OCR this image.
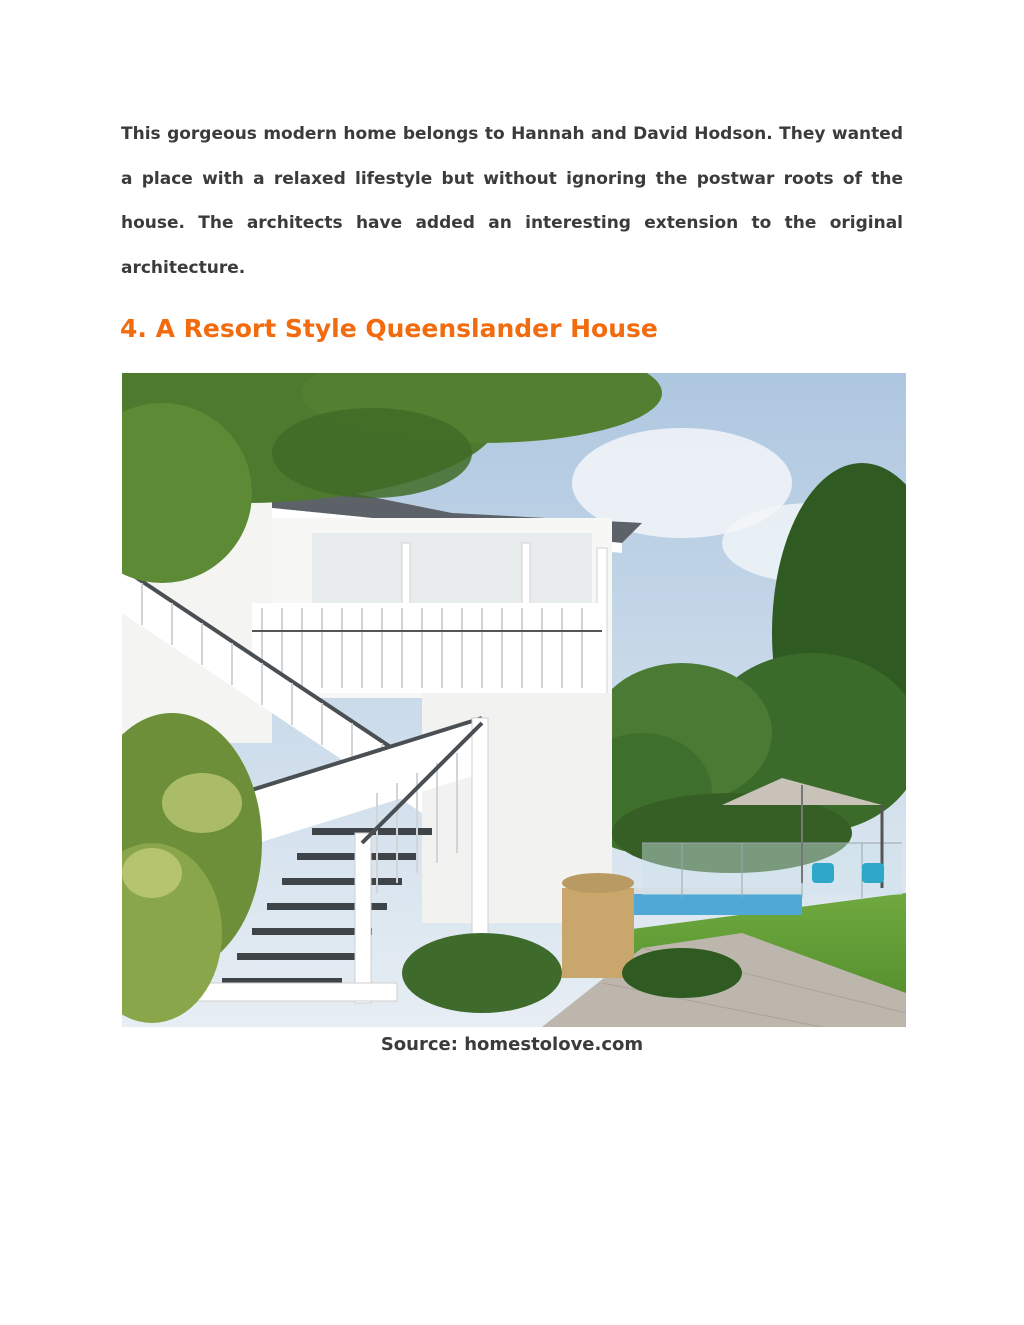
This gorgeous modern home belongs to Hannah and David Hodson. They wanted a place with a relaxed lifestyle but without ignoring the postwar roots of the house. The architects have added an interesting extension to the original architecture.

4. A Resort Style Queenslander House

Source: homestolove.com
